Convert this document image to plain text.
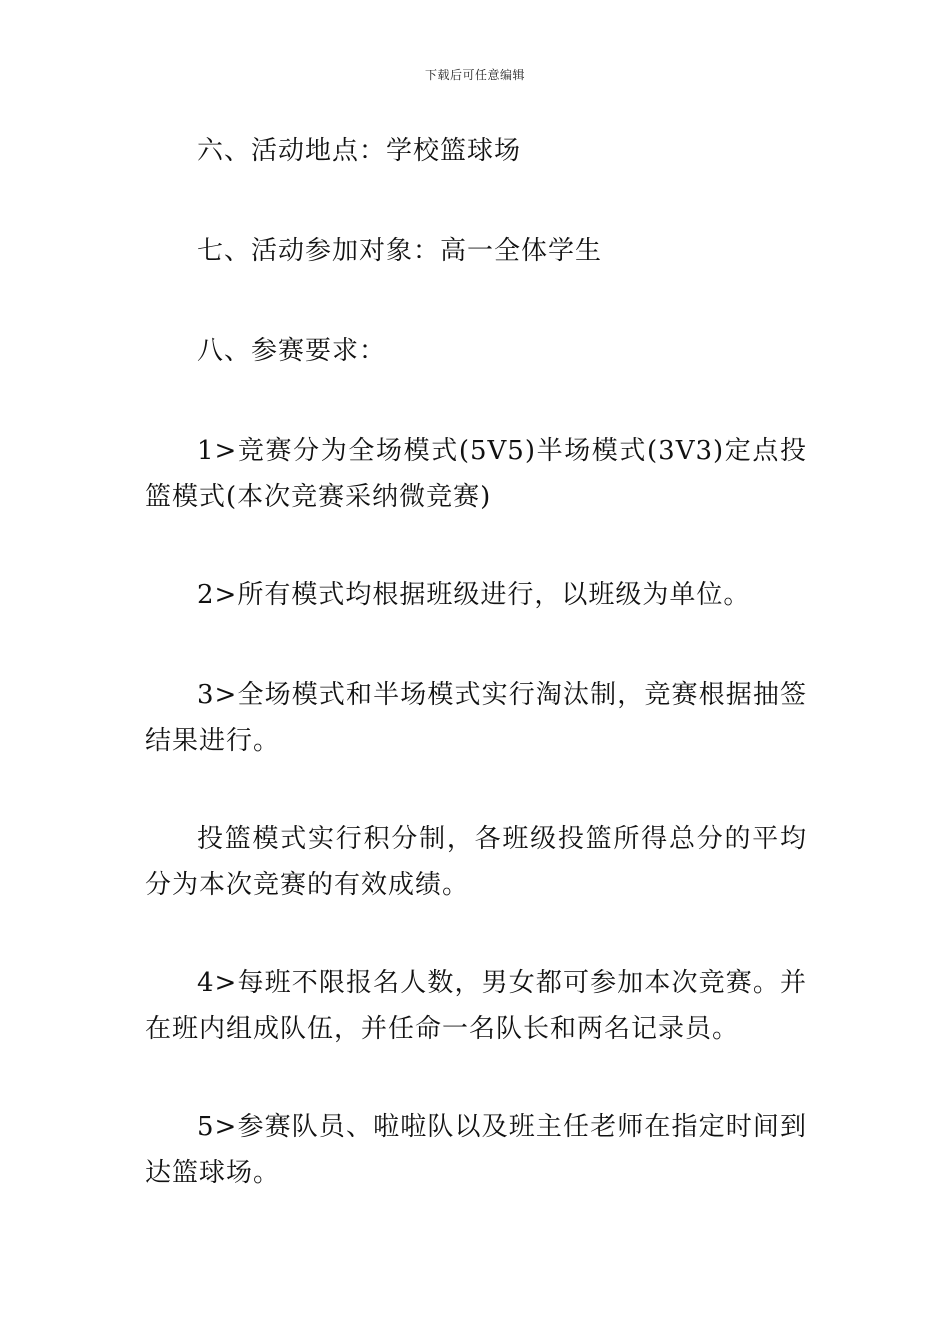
下载后可任意编辑

六、活动地点：学校篮球场

七、活动参加对象：高一全体学生

八、参赛要求：

1>竞赛分为全场模式(5V5)半场模式(3V3)定点投篮模式(本次竞赛采纳微竞赛)

2>所有模式均根据班级进行，以班级为单位。

3>全场模式和半场模式实行淘汰制，竞赛根据抽签结果进行。

投篮模式实行积分制，各班级投篮所得总分的平均分为本次竞赛的有效成绩。

4>每班不限报名人数，男女都可参加本次竞赛。并在班内组成队伍，并任命一名队长和两名记录员。

5>参赛队员、啦啦队以及班主任老师在指定时间到达篮球场。
